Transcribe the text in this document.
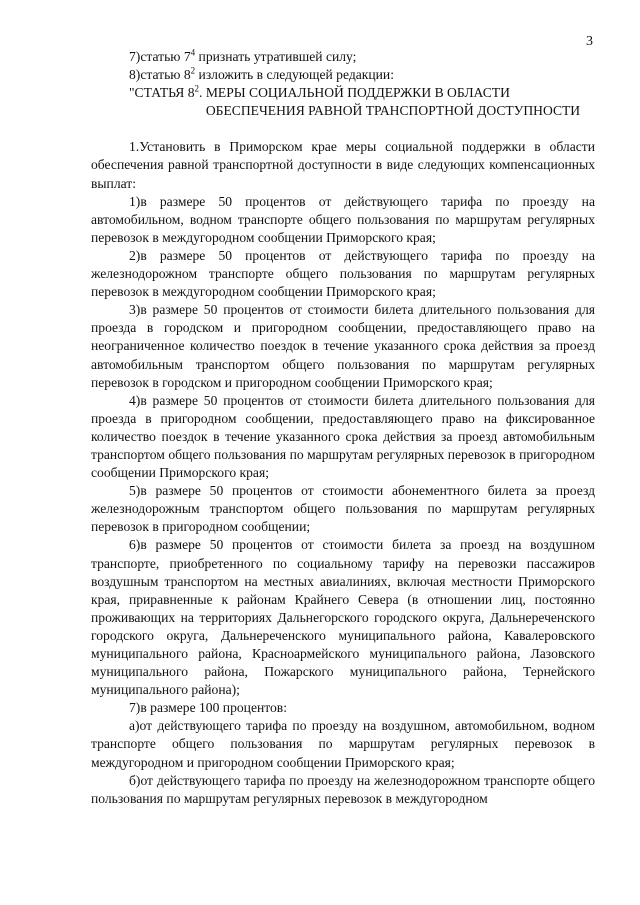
3

7)статью $7^4$ признать утратившей силу;

8)статью $8^2$ изложить в следующей редакции:

"СТАТЬЯ $8^2$. МЕРЫ СОЦИАЛЬНОЙ ПОДДЕРЖКИ В ОБЛАСТИ ОБЕСПЕЧЕНИЯ РАВНОЙ ТРАНСПОРТНОЙ ДОСТУПНОСТИ

1.Установить в Приморском крае меры социальной поддержки в области обеспечения равной транспортной доступности в виде следующих компенсационных выплат:

1)в размере 50 процентов от действующего тарифа по проезду на автомобильном, водном транспорте общего пользования по маршрутам регулярных перевозок в междугородном сообщении Приморского края;

2)в размере 50 процентов от действующего тарифа по проезду на железнодорожном транспорте общего пользования по маршрутам регулярных перевозок в междугородном сообщении Приморского края;

3)в размере 50 процентов от стоимости билета длительного пользования для проезда в городском и пригородном сообщении, предоставляющего право на неограниченное количество поездок в течение указанного срока действия за проезд автомобильным транспортом общего пользования по маршрутам регулярных перевозок в городском и пригородном сообщении Приморского края;

4)в размере 50 процентов от стоимости билета длительного пользования для проезда в пригородном сообщении, предоставляющего право на фиксированное количество поездок в течение указанного срока действия за проезд автомобильным транспортом общего пользования по маршрутам регулярных перевозок в пригородном сообщении Приморского края;

5)в размере 50 процентов от стоимости абонементного билета за проезд железнодорожным транспортом общего пользования по маршрутам регулярных перевозок в пригородном сообщении;

6)в размере 50 процентов от стоимости билета за проезд на воздушном транспорте, приобретенного по социальному тарифу на перевозки пассажиров воздушным транспортом на местных авиалиниях, включая местности Приморского края, приравненные к районам Крайнего Севера (в отношении лиц, постоянно проживающих на территориях Дальнегорского городского округа, Дальнереченского городского округа, Дальнереченского муниципального района, Кавалеровского муниципального района, Красноармейского муниципального района, Лазовского муниципального района, Пожарского муниципального района, Тернейского муниципального района);

7)в размере 100 процентов:

а)от действующего тарифа по проезду на воздушном, автомобильном, водном транспорте общего пользования по маршрутам регулярных перевозок в междугородном и пригородном сообщении Приморского края;

б)от действующего тарифа по проезду на железнодорожном транспорте общего пользования по маршрутам регулярных перевозок в междугородном
